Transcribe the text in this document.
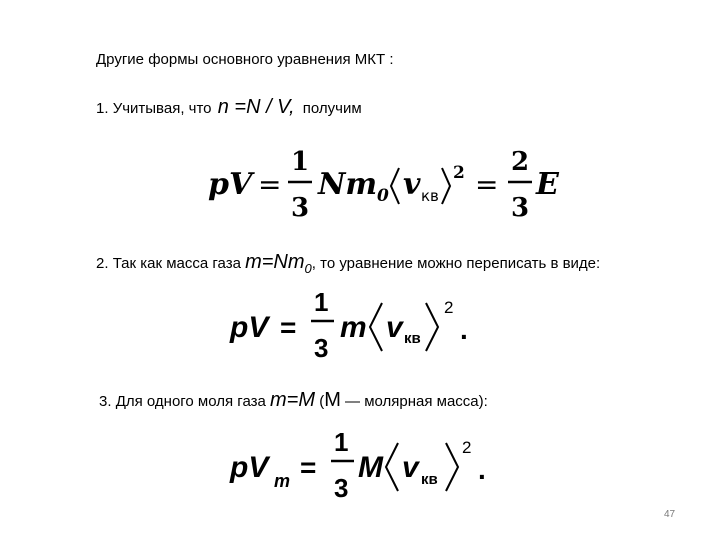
Другие формы основного уравнения МКТ :
1. Учитывая, что n =N / V, получим
pV =
1
3
Nm 0 v кв
2 =
2
3
E
2. Так как масса газа $m=Nm_0$, то уравнение можно переписать в виде:
pV =
1
3
m v кв
2
.
3. Для одного моля газа m=M (M — молярная масса):
pV m =
1
3
M v кв
2
.
47
